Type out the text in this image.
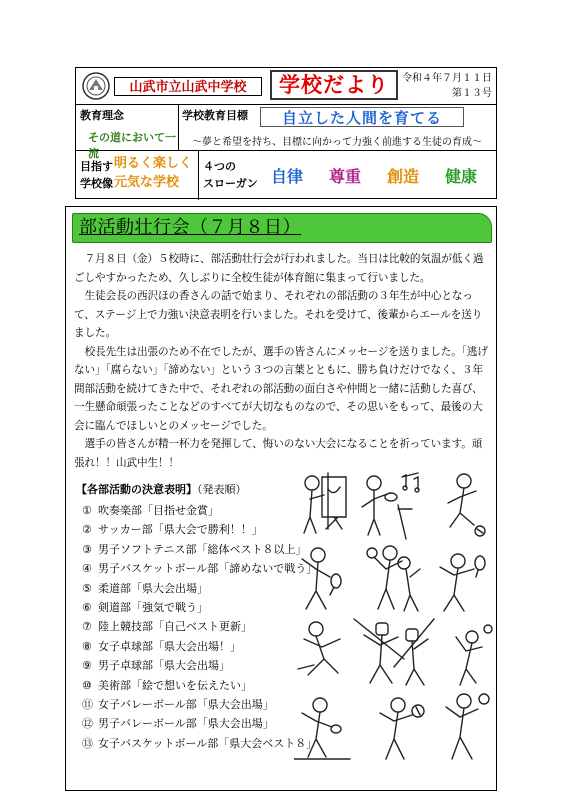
山武市立山武中学校	学校だより	令和４年７月１１日
第１３号
教育理念
その道において一流
学校教育目標	自立した人間を育てる
～夢と希望を持ち、目標に向かって力強く前進する生徒の育成～
目指す
学校像
明るく楽しく
元気な学校
４つの
スローガン 自律 尊重 創造 健康
部活動壮行会（７月８日）

７月８日（金）５校時に、部活動壮行会が行われました。当日は比較的気温が低く過ごしやすかったため、久しぶりに全校生徒が体育館に集まって行いました。

生徒会長の西沢ほの香さんの話で始まり、それぞれの部活動の３年生が中心となって、ステージ上で力強い決意表明を行いました。それを受けて、後輩からエールを送りました。

校長先生は出張のため不在でしたが、選手の皆さんにメッセージを送りました。「逃げない」「腐らない」「諦めない」という３つの言葉とともに、勝ち負けだけでなく、３年間部活動を続けてきた中で、それぞれの部活動の面白さや仲間と一緒に活動した喜び、一生懸命頑張ったことなどのすべてが大切なものなので、その思いをもって、最後の大会に臨んでほしいとのメッセージでした。

選手の皆さんが精一杯力を発揮して、悔いのない大会になることを祈っています。頑張れ！！山武中生！！

【各部活動の決意表明】（発表順）
① 吹奏楽部「目指せ金賞」
② サッカー部「県大会で勝利！！」
③ 男子ソフトテニス部「総体ベスト８以上」
④ 男子バスケットボール部「諦めないで戦う」
⑤ 柔道部「県大会出場」
⑥ 剣道部「強気で戦う」
⑦ 陸上競技部「自己ベスト更新」
⑧ 女子卓球部「県大会出場！」
⑨ 男子卓球部「県大会出場」
⑩ 美術部「絵で想いを伝えたい」
⑪ 女子バレーボール部「県大会出場」
⑫ 男子バレーボール部「県大会出場」
⑬ 女子バスケットボール部「県大会ベスト８」
